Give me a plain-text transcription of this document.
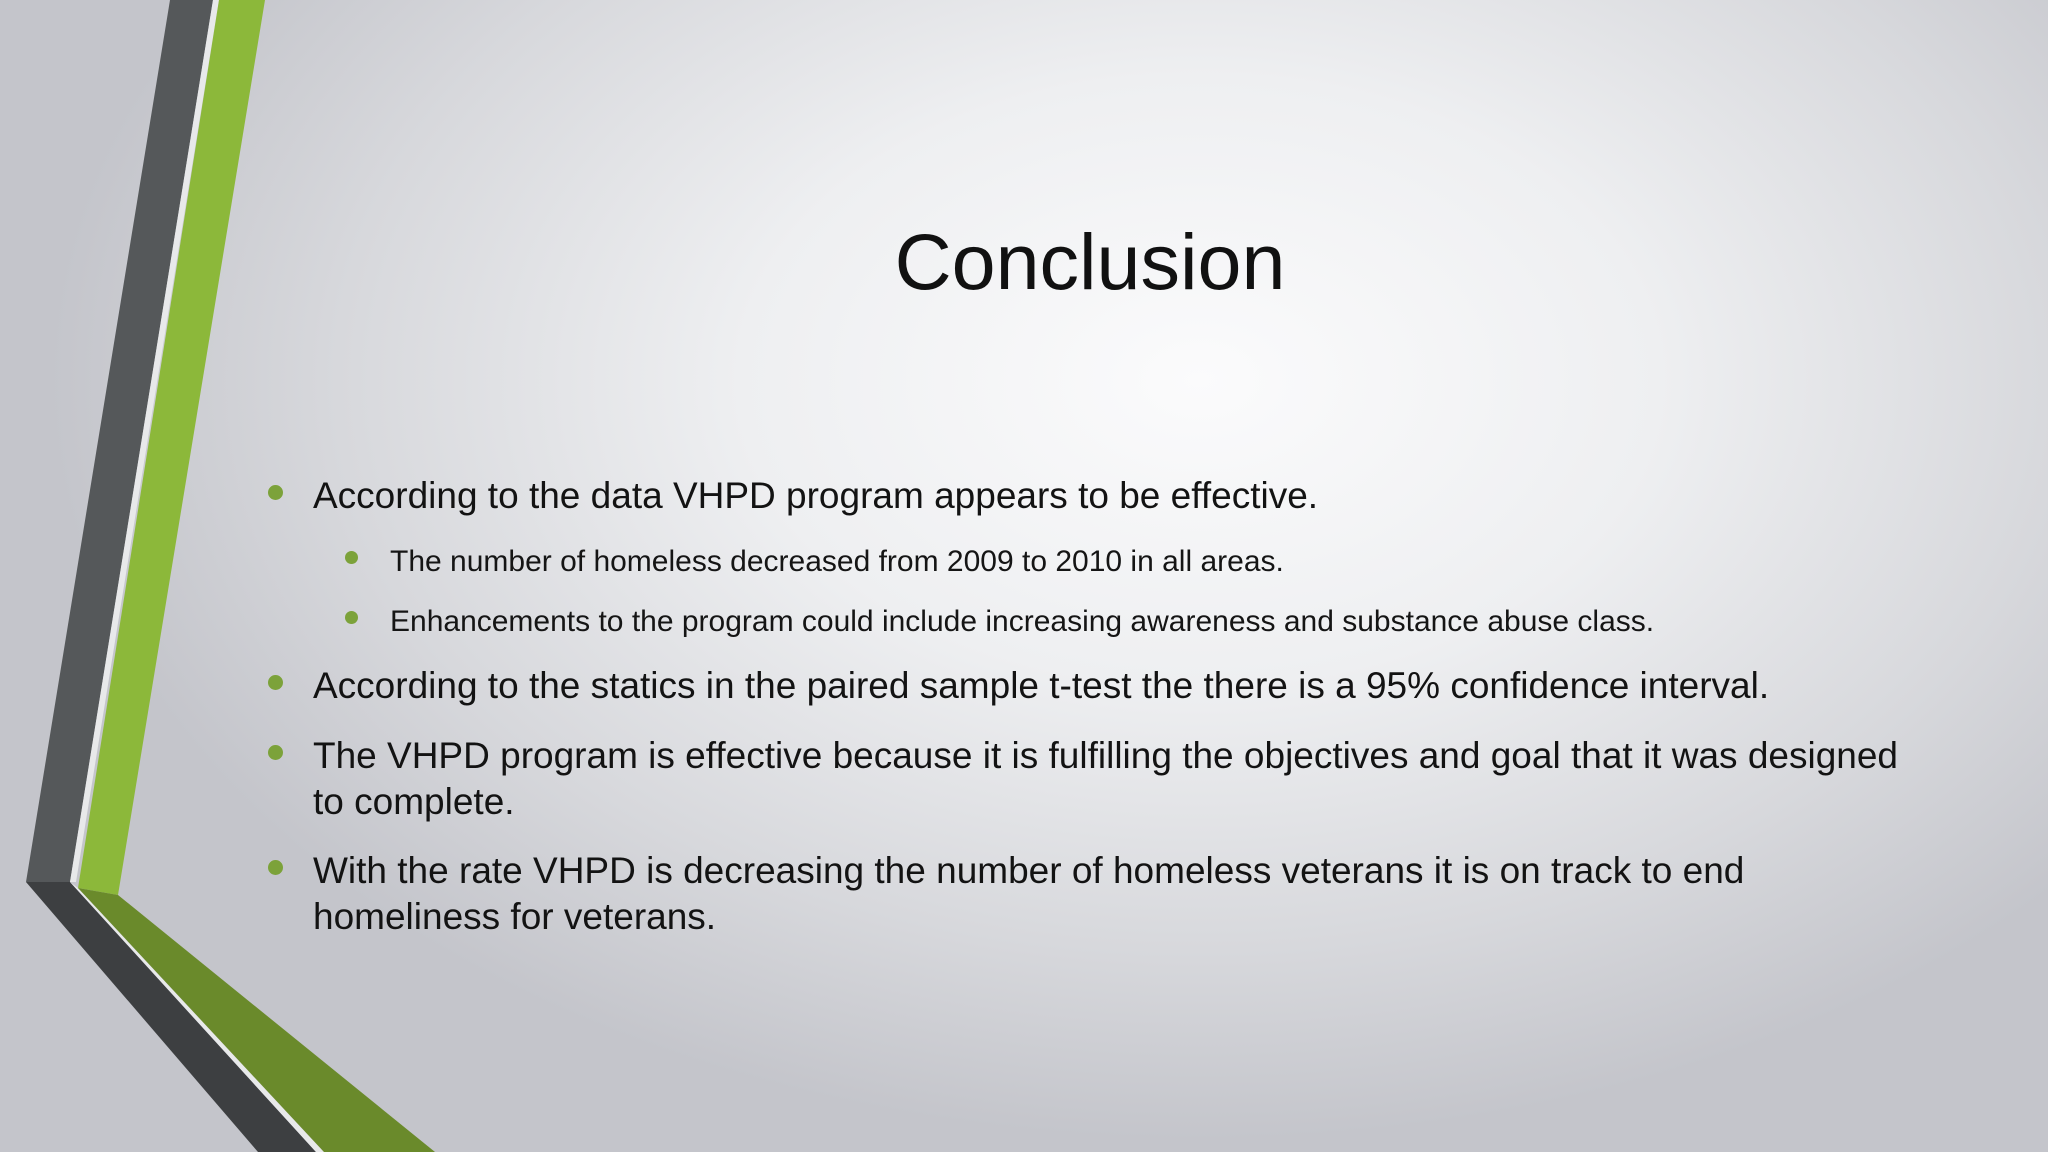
Conclusion
According to the data VHPD program appears to be effective.
The number of homeless decreased from 2009 to 2010 in all areas.
Enhancements to the program could include increasing awareness and substance abuse class.
According to the statics in the paired sample t-test the there is a 95% confidence interval.
The VHPD program is effective because it is fulfilling the objectives and goal that it was designed to complete.
With the rate VHPD is decreasing the number of homeless veterans it is on track to end homeliness for veterans.
